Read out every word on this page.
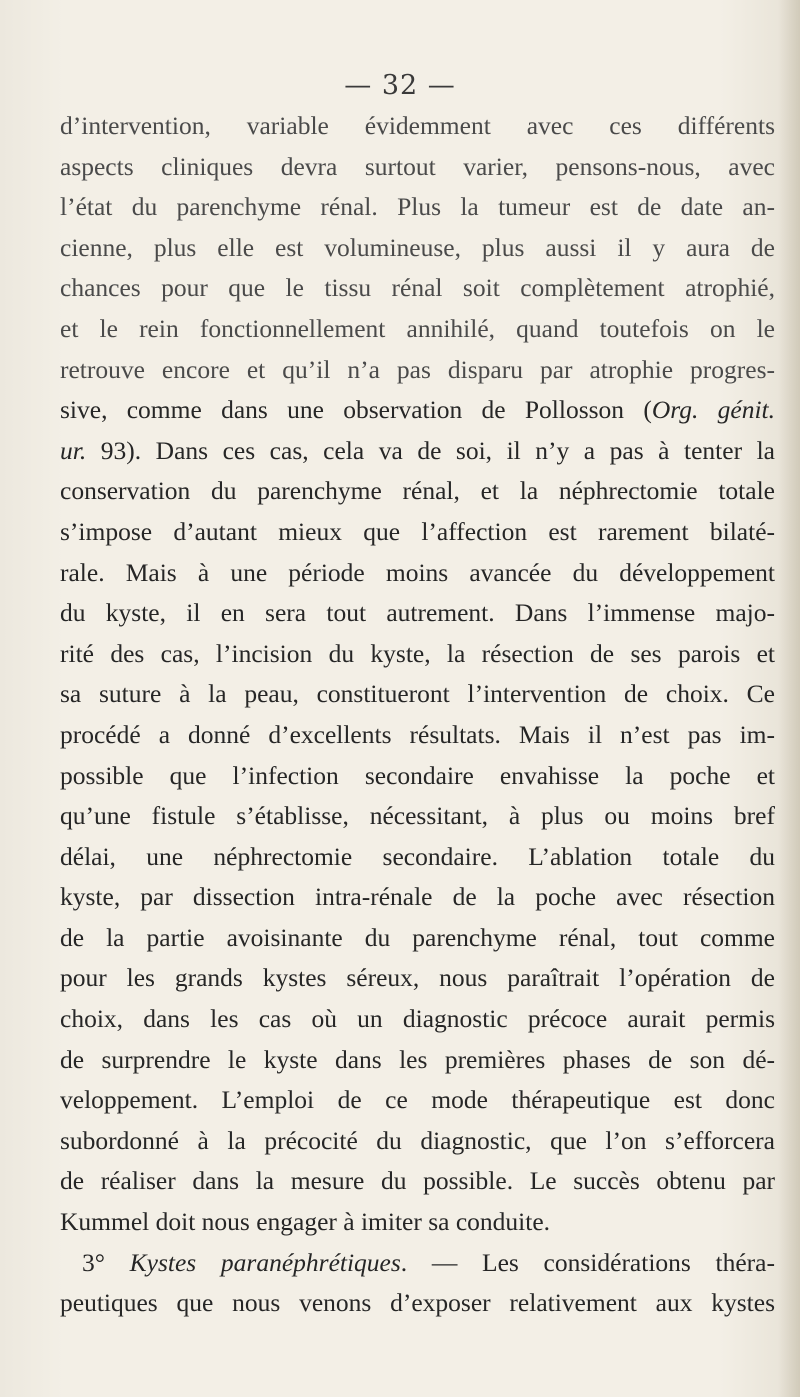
— 32 —
d’intervention, variable évidemment avec ces différents
aspects cliniques devra surtout varier, pensons-nous, avec
l’état du parenchyme rénal. Plus la tumeur est de date an-
cienne, plus elle est volumineuse, plus aussi il y aura de
chances pour que le tissu rénal soit complètement atrophié,
et le rein fonctionnellement annihilé, quand toutefois on le
retrouve encore et qu’il n’a pas disparu par atrophie progres-
sive, comme dans une observation de Pollosson (Org. génit.
ur. 93). Dans ces cas, cela va de soi, il n’y a pas à tenter la
conservation du parenchyme rénal, et la néphrectomie totale
s’impose d’autant mieux que l’affection est rarement bilaté-
rale. Mais à une période moins avancée du développement
du kyste, il en sera tout autrement. Dans l’immense majo-
rité des cas, l’incision du kyste, la résection de ses parois et
sa suture à la peau, constitueront l’intervention de choix. Ce
procédé a donné d’excellents résultats. Mais il n’est pas im-
possible que l’infection secondaire envahisse la poche et
qu’une fistule s’établisse, nécessitant, à plus ou moins bref
délai, une néphrectomie secondaire. L’ablation totale du
kyste, par dissection intra-rénale de la poche avec résection
de la partie avoisinante du parenchyme rénal, tout comme
pour les grands kystes séreux, nous paraîtrait l’opération de
choix, dans les cas où un diagnostic précoce aurait permis
de surprendre le kyste dans les premières phases de son dé-
veloppement. L’emploi de ce mode thérapeutique est donc
subordonné à la précocité du diagnostic, que l’on s’efforcera
de réaliser dans la mesure du possible. Le succès obtenu par
Kummel doit nous engager à imiter sa conduite.
3° Kystes paranéphrétiques. — Les considérations théra-
peutiques que nous venons d’exposer relativement aux kystes
